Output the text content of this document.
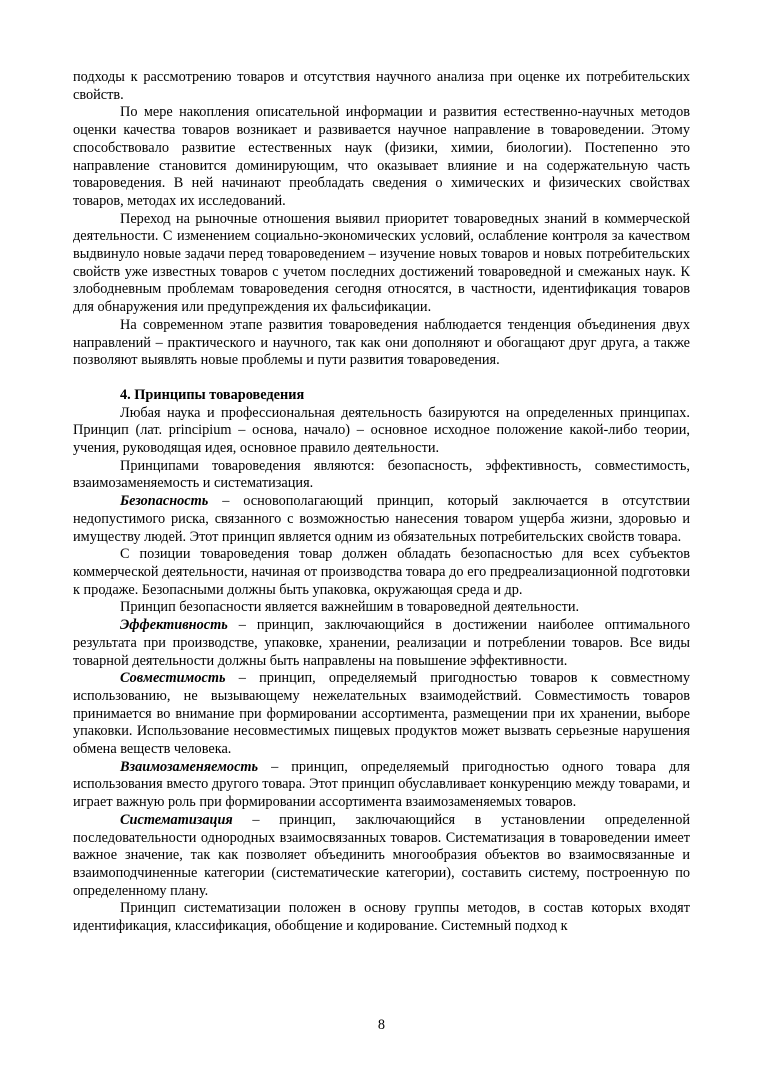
подходы к рассмотрению товаров и отсутствия научного анализа при оценке их потребительских свойств.

По мере накопления описательной информации и развития естественно-научных методов оценки качества товаров возникает и развивается научное направление в товароведении. Этому способствовало развитие естественных наук (физики, химии, биологии). Постепенно это направление становится доминирующим, что оказывает влияние и на содержательную часть товароведения. В ней начинают преобладать сведения о химических и физических свойствах товаров, методах их исследований.

Переход на рыночные отношения выявил приоритет товароведных знаний в коммерческой деятельности. С изменением социально-экономических условий, ослабление контроля за качеством выдвинуло новые задачи перед товароведением – изучение новых товаров и новых потребительских свойств уже известных товаров с учетом последних достижений товароведной и смежаных наук. К злободневным проблемам товароведения сегодня относятся, в частности, идентификация товаров для обнаружения или предупреждения их фальсификации.

На современном этапе развития товароведения наблюдается тенденция объединения двух направлений – практического и научного, так как они дополняют и обогащают друг друга, а также позволяют выявлять новые проблемы и пути развития товароведения.

4. Принципы товароведения

Любая наука и профессиональная деятельность базируются на определенных принципах. Принцип (лат. principium – основа, начало) – основное исходное положение какой-либо теории, учения, руководящая идея, основное правило деятельности.

Принципами товароведения являются: безопасность, эффективность, совместимость, взаимозаменяемость и систематизация.

Безопасность – основополагающий принцип, который заключается в отсутствии недопустимого риска, связанного с возможностью нанесения товаром ущерба жизни, здоровью и имуществу людей. Этот принцип является одним из обязательных потребительских свойств товара.

С позиции товароведения товар должен обладать безопасностью для всех субъектов коммерческой деятельности, начиная от производства товара до его предреализационной подготовки к продаже. Безопасными должны быть упаковка, окружающая среда и др.

Принцип безопасности является важнейшим в товароведной деятельности.

Эффективность – принцип, заключающийся в достижении наиболее оптимального результата при производстве, упаковке, хранении, реализации и потреблении товаров. Все виды товарной деятельности должны быть направлены на повышение эффективности.

Совместимость – принцип, определяемый пригодностью товаров к совместному использованию, не вызывающему нежелательных взаимодействий. Совместимость товаров принимается во внимание при формировании ассортимента, размещении при их хранении, выборе упаковки. Использование несовместимых пищевых продуктов может вызвать серьезные нарушения обмена веществ человека.

Взаимозаменяемость – принцип, определяемый пригодностью одного товара для использования вместо другого товара. Этот принцип обуславливает конкуренцию между товарами, и играет важную роль при формировании ассортимента взаимозаменяемых товаров.

Систематизация – принцип, заключающийся в установлении определенной последовательности однородных взаимосвязанных товаров. Систематизация в товароведении имеет важное значение, так как позволяет объединить многообразия объектов во взаимосвязанные и взаимоподчиненные категории (систематические категории), составить систему, построенную по определенному плану.

Принцип систематизации положен в основу группы методов, в состав которых входят идентификация, классификация, обобщение и кодирование. Системный подход к

8
